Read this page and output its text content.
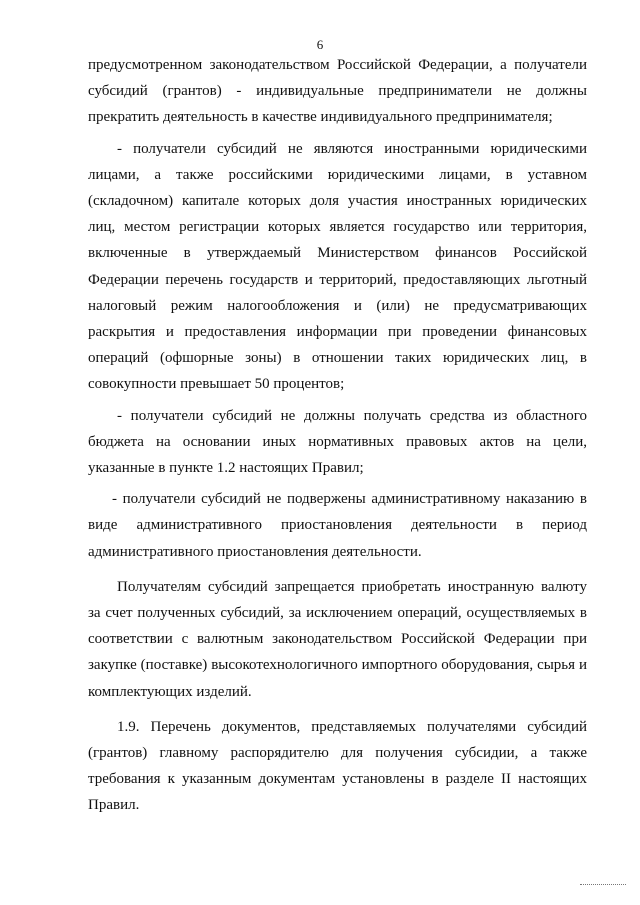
6

предусмотренном законодательством Российской Федерации, а получатели субсидий (грантов) - индивидуальные предприниматели не должны прекратить деятельность в качестве индивидуального предпринимателя;

- получатели субсидий не являются иностранными юридическими лицами, а также российскими юридическими лицами, в уставном (складочном) капитале которых доля участия иностранных юридических лиц, местом регистрации которых является государство или территория, включенные в утверждаемый Министерством финансов Российской Федерации перечень государств и территорий, предоставляющих льготный налоговый режим налогообложения и (или) не предусматривающих раскрытия и предоставления информации при проведении финансовых операций (офшорные зоны) в отношении таких юридических лиц, в совокупности превышает 50 процентов;

- получатели субсидий не должны получать средства из областного бюджета на основании иных нормативных правовых актов на цели, указанные в пункте 1.2 настоящих Правил;

- получатели субсидий не подвержены административному наказанию в виде административного приостановления деятельности в период административного приостановления деятельности.

Получателям субсидий запрещается приобретать иностранную валюту за счет полученных субсидий, за исключением операций, осуществляемых в соответствии с валютным законодательством Российской Федерации при закупке (поставке) высокотехнологичного импортного оборудования, сырья и комплектующих изделий.

1.9. Перечень документов, представляемых получателями субсидий (грантов) главному распорядителю для получения субсидии, а также требования к указанным документам установлены в разделе II настоящих Правил.
